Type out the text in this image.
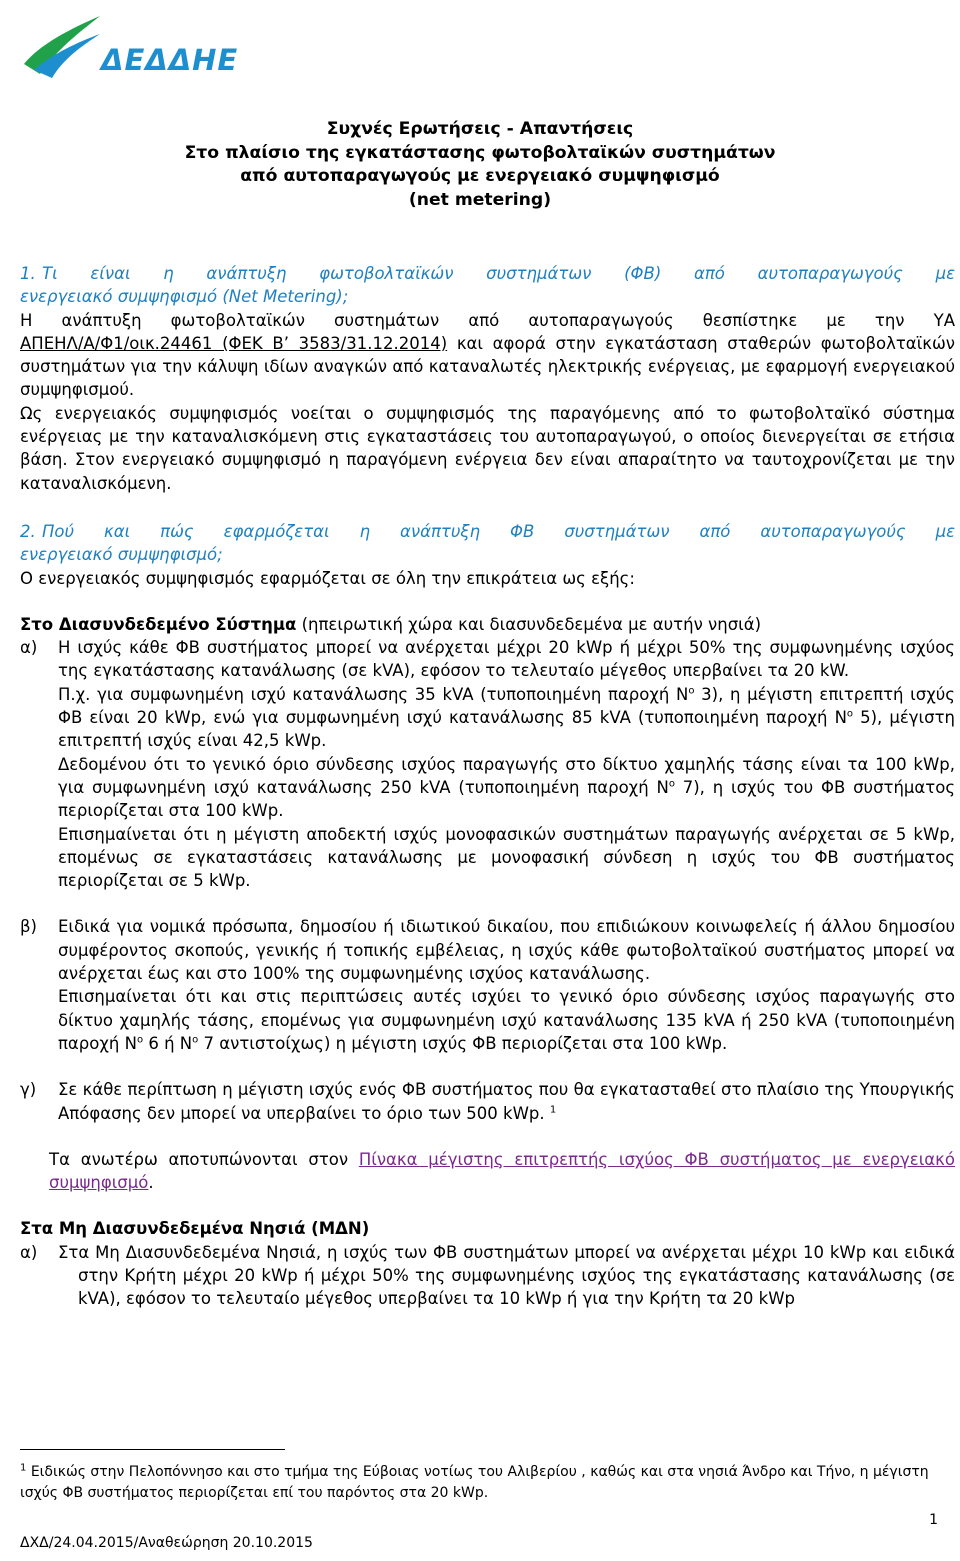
ΔΕΔΔΗΕ
Συχνές Ερωτήσεις - Απαντήσεις
Στο πλαίσιο της εγκατάστασης φωτοβολταϊκών συστημάτων
από αυτοπαραγωγούς με ενεργειακό συμψηφισμό
(net metering)
1. Τι είναι η ανάπτυξη φωτοβολταϊκών συστημάτων (ΦΒ) από αυτοπαραγωγούς με
ενεργειακό συμψηφισμό (Net Metering);

Η ανάπτυξη φωτοβολταϊκών συστημάτων από αυτοπαραγωγούς θεσπίστηκε με την ΥΑ

ΑΠΕΗΛ/Α/Φ1/οικ.24461 (ΦΕΚ Β’ 3583/31.12.2014) και αφορά στην εγκατάσταση σταθερών φωτοβολταϊκών συστημάτων για την κάλυψη ιδίων αναγκών από καταναλωτές ηλεκτρικής ενέργειας, με εφαρμογή ενεργειακού συμψηφισμού.

Ως ενεργειακός συμψηφισμός νοείται ο συμψηφισμός της παραγόμενης από το φωτοβολταϊκό σύστημα ενέργειας με την καταναλισκόμενη στις εγκαταστάσεις του αυτοπαραγωγού, ο οποίος διενεργείται σε ετήσια βάση. Στον ενεργειακό συμψηφισμό η παραγόμενη ενέργεια δεν είναι απαραίτητο να ταυτοχρονίζεται με την καταναλισκόμενη.

2. Πού και πώς εφαρμόζεται η ανάπτυξη ΦΒ συστημάτων από αυτοπαραγωγούς με
ενεργειακό συμψηφισμό;

Ο ενεργειακός συμψηφισμός εφαρμόζεται σε όλη την επικράτεια ως εξής:

Στο Διασυνδεδεμένο Σύστημα (ηπειρωτική χώρα και διασυνδεδεμένα με αυτήν νησιά)

α) Η ισχύς κάθε ΦΒ συστήματος μπορεί να ανέρχεται μέχρι 20 kWp ή μέχρι 50% της συμφωνημένης ισχύος της εγκατάστασης κατανάλωσης (σε kVA), εφόσον το τελευταίο μέγεθος υπερβαίνει τα 20 kW.

Π.χ. για συμφωνημένη ισχύ κατανάλωσης 35 kVA (τυποποιημένη παροχή $N^o$ 3), η μέγιστη επιτρεπτή ισχύς ΦΒ είναι 20 kWp, ενώ για συμφωνημένη ισχύ κατανάλωσης 85 kVA (τυποποιημένη παροχή $N^o$ 5), μέγιστη επιτρεπτή ισχύς είναι 42,5 kWp.

Δεδομένου ότι το γενικό όριο σύνδεσης ισχύος παραγωγής στο δίκτυο χαμηλής τάσης είναι τα 100 kWp, για συμφωνημένη ισχύ κατανάλωσης 250 kVA (τυποποιημένη παροχή $N^o$ 7), η ισχύς του ΦΒ συστήματος περιορίζεται στα 100 kWp.

Επισημαίνεται ότι η μέγιστη αποδεκτή ισχύς μονοφασικών συστημάτων παραγωγής ανέρχεται σε 5 kWp, επομένως σε εγκαταστάσεις κατανάλωσης με μονοφασική σύνδεση η ισχύς του ΦΒ συστήματος περιορίζεται σε 5 kWp.

β) Ειδικά για νομικά πρόσωπα, δημοσίου ή ιδιωτικού δικαίου, που επιδιώκουν κοινωφελείς ή άλλου δημοσίου συμφέροντος σκοπούς, γενικής ή τοπικής εμβέλειας, η ισχύς κάθε φωτοβολταϊκού συστήματος μπορεί να ανέρχεται έως και στο 100% της συμφωνημένης ισχύος κατανάλωσης.

Επισημαίνεται ότι και στις περιπτώσεις αυτές ισχύει το γενικό όριο σύνδεσης ισχύος παραγωγής στο δίκτυο χαμηλής τάσης, επομένως για συμφωνημένη ισχύ κατανάλωσης 135 kVA ή 250 kVA (τυποποιημένη παροχή $N^o$ 6 ή $N^o$ 7 αντιστοίχως) η μέγιστη ισχύς ΦΒ περιορίζεται στα 100 kWp.

γ) Σε κάθε περίπτωση η μέγιστη ισχύς ενός ΦΒ συστήματος που θα εγκατασταθεί στο πλαίσιο της Υπουργικής Απόφασης δεν μπορεί να υπερβαίνει το όριο των 500 kWp. $^1$

Τα ανωτέρω αποτυπώνονται στον Πίνακα μέγιστης επιτρεπτής ισχύος ΦΒ συστήματος με ενεργειακό συμψηφισμό.

Στα Μη Διασυνδεδεμένα Νησιά (ΜΔΝ)

α) Στα Μη Διασυνδεδεμένα Νησιά, η ισχύς των ΦΒ συστημάτων μπορεί να ανέρχεται μέχρι 10 kWp και ειδικά στην Κρήτη μέχρι 20 kWp ή μέχρι 50% της συμφωνημένης ισχύος της εγκατάστασης κατανάλωσης (σε kVA), εφόσον το τελευταίο μέγεθος υπερβαίνει τα 10 kWp ή για την Κρήτη τα 20 kWp

$^1$ Ειδικώς στην Πελοπόννησο και στο τμήμα της Εύβοιας νοτίως του Αλιβερίου , καθώς και στα νησιά Άνδρο και Τήνο, η μέγιστη ισχύς ΦΒ συστήματος περιορίζεται επί του παρόντος στα 20 kWp.
1
ΔΧΔ/24.04.2015/Αναθεώρηση 20.10.2015
